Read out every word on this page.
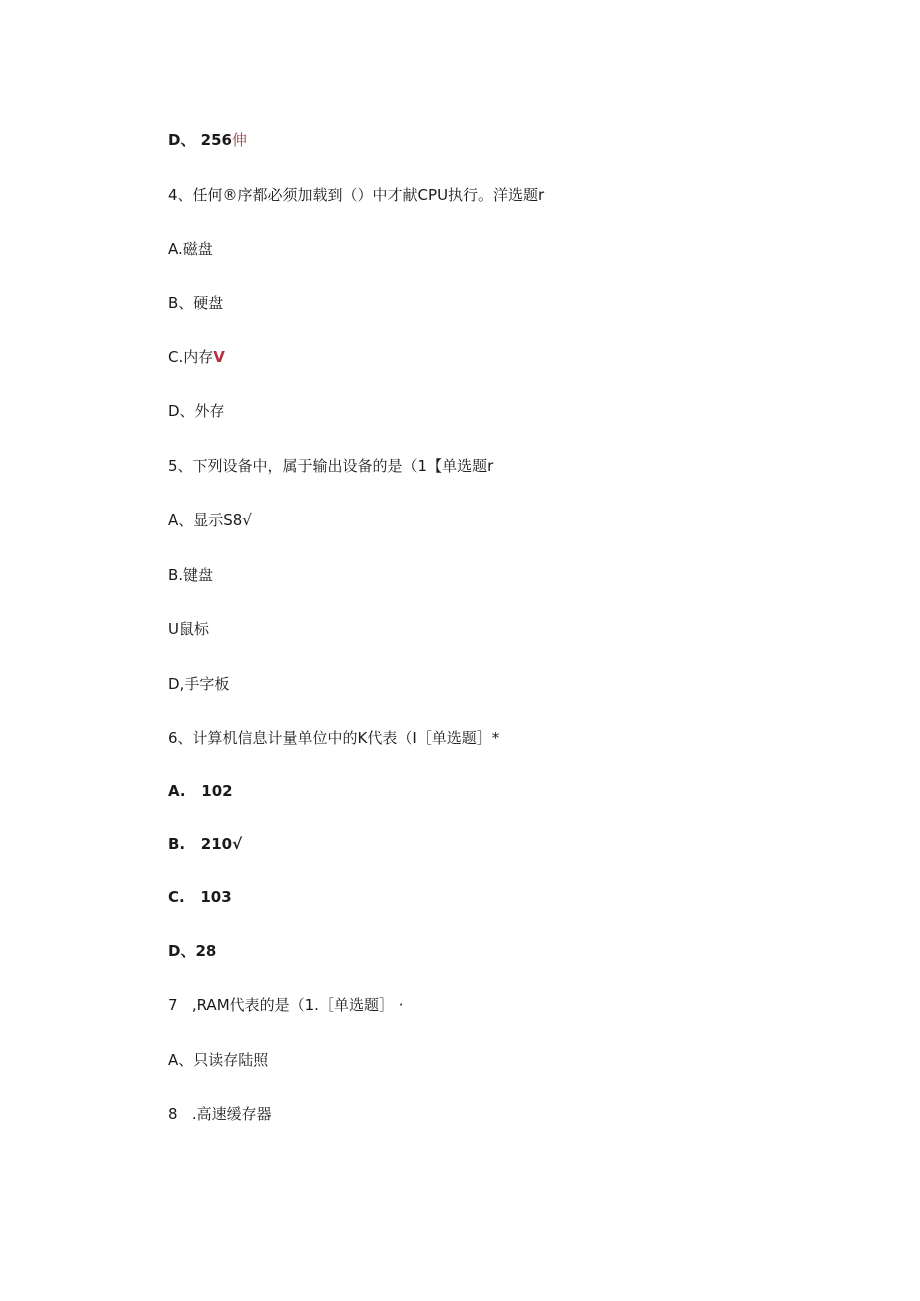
D、 256伸
4、任何®序都必须加载到（）中才献CPU执行。洋选题r
A.磁盘
B、硬盘
C.内存V
D、外存
5、下列设备中，属于输出设备的是（1【单选题r
A、显示S8√
B.键盘
U鼠标
D,手字板
6、计算机信息计量单位中的K代表（I［单选题］*
A.   102
B.   210√
C.   103
D、28
7   ,RAM代表的是（1.［单选题］ ·
A、只读存陆照
8   .高速缓存器
